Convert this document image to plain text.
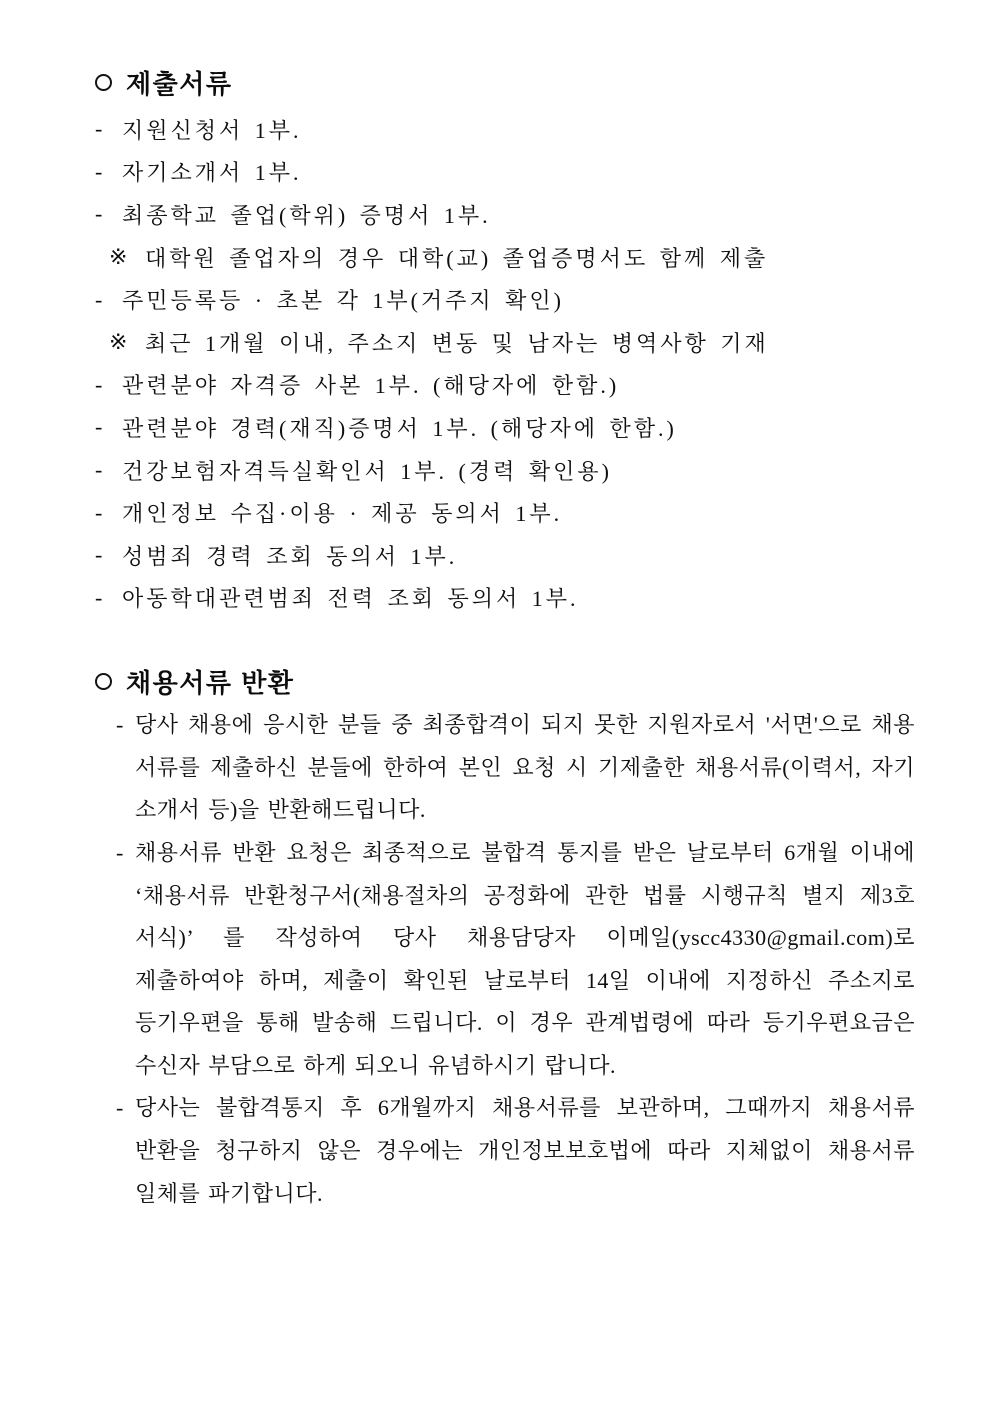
제출서류
- 지원신청서 1부.
- 자기소개서 1부.
- 최종학교 졸업(학위) 증명서 1부.
※ 대학원 졸업자의 경우 대학(교) 졸업증명서도 함께 제출
- 주민등록등 · 초본 각 1부(거주지 확인)
※ 최근 1개월 이내, 주소지 변동 및 남자는 병역사항 기재
- 관련분야 자격증 사본 1부. (해당자에 한함.)
- 관련분야 경력(재직)증명서 1부. (해당자에 한함.)
- 건강보험자격득실확인서 1부. (경력 확인용)
- 개인정보 수집·이용 · 제공 동의서 1부.
- 성범죄 경력 조회 동의서 1부.
- 아동학대관련범죄 전력 조회 동의서 1부.
채용서류 반환
- 당사 채용에 응시한 분들 중 최종합격이 되지 못한 지원자로서 '서면'으로 채용 서류를 제출하신 분들에 한하여 본인 요청 시 기제출한 채용서류(이력서, 자기 소개서 등)을 반환해드립니다.
- 채용서류 반환 요청은 최종적으로 불합격 통지를 받은 날로부터 6개월 이내에 ‘채용서류 반환청구서(채용절차의 공정화에 관한 법률 시행규칙 별지 제3호 서식)’ 를 작성하여 당사 채용담당자 이메일(yscc4330@gmail.com)로 제출하여야 하며, 제출이 확인된 날로부터 14일 이내에 지정하신 주소지로 등기우편을 통해 발송해 드립니다. 이 경우 관계법령에 따라 등기우편요금은 수신자 부담으로 하게 되오니 유념하시기 랍니다.
- 당사는 불합격통지 후 6개월까지 채용서류를 보관하며, 그때까지 채용서류 반환을 청구하지 않은 경우에는 개인정보보호법에 따라 지체없이 채용서류 일체를 파기합니다.
